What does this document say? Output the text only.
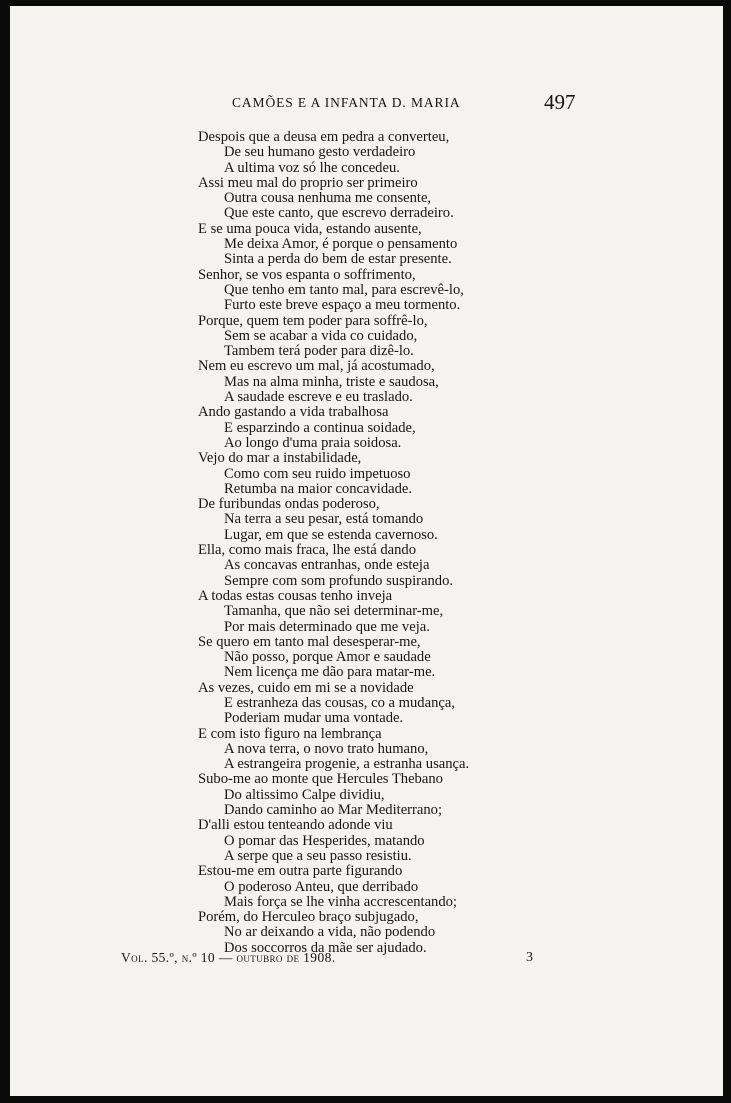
CAMÕES E A INFANTA D. MARIA	497
Despois que a deusa em pedra a converteu,
De seu humano gesto verdadeiro
A ultima voz só lhe concedeu.
Assi meu mal do proprio ser primeiro
Outra cousa nenhuma me consente,
Que este canto, que escrevo derradeiro.
E se uma pouca vida, estando ausente,
Me deixa Amor, é porque o pensamento
Sinta a perda do bem de estar presente.
Senhor, se vos espanta o soffrimento,
Que tenho em tanto mal, para escrevê-lo,
Furto este breve espaço a meu tormento.
Porque, quem tem poder para soffrê-lo,
Sem se acabar a vida co cuidado,
Tambem terá poder para dizê-lo.
Nem eu escrevo um mal, já acostumado,
Mas na alma minha, triste e saudosa,
A saudade escreve e eu traslado.
Ando gastando a vida trabalhosa
E esparzindo a continua soidade,
Ao longo d'uma praia soidosa.
Vejo do mar a instabilidade,
Como com seu ruido impetuoso
Retumba na maior concavidade.
De furibundas ondas poderoso,
Na terra a seu pesar, está tomando
Lugar, em que se estenda cavernoso.
Ella, como mais fraca, lhe está dando
As concavas entranhas, onde esteja
Sempre com som profundo suspirando.
A todas estas cousas tenho inveja
Tamanha, que não sei determinar-me,
Por mais determinado que me veja.
Se quero em tanto mal desesperar-me,
Não posso, porque Amor e saudade
Nem licença me dão para matar-me.
As vezes, cuido em mi se a novidade
E estranheza das cousas, co a mudança,
Poderiam mudar uma vontade.
E com isto figuro na lembrança
A nova terra, o novo trato humano,
A estrangeira progenie, a estranha usança.
Subo-me ao monte que Hercules Thebano
Do altissimo Calpe dividiu,
Dando caminho ao Mar Mediterrano;
D'alli estou tenteando adonde viu
O pomar das Hesperides, matando
A serpe que a seu passo resistiu.
Estou-me em outra parte figurando
O poderoso Anteu, que derribado
Mais força se lhe vinha accrescentando;
Porém, do Herculeo braço subjugado,
No ar deixando a vida, não podendo
Dos soccorros da mãe ser ajudado.
Vol. 55.º, n.º 10 — outubro de 1908.	3
